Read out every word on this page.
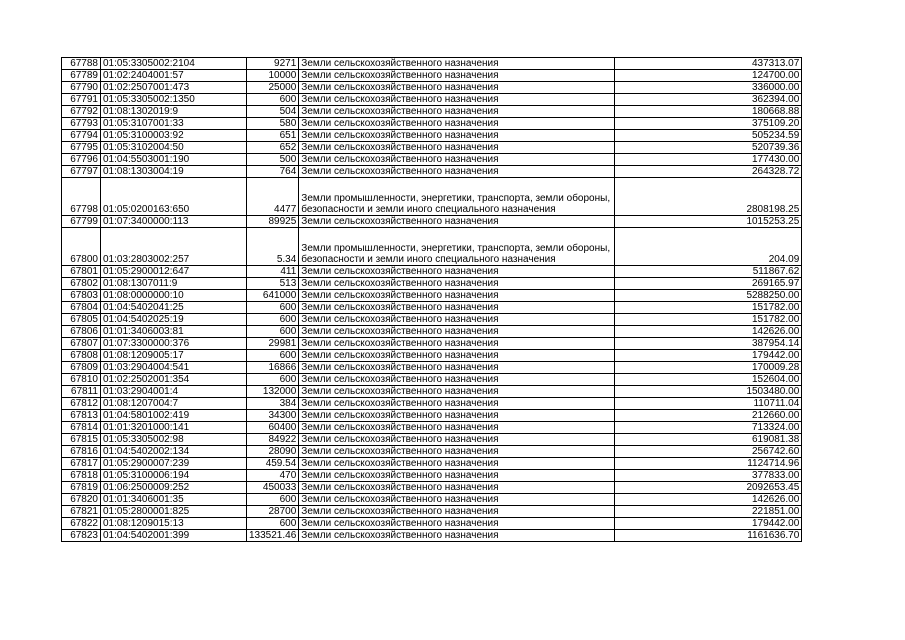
67788	01:05:3305002:2104	9271	Земли сельскохозяйственного назначения	437313.07
67789	01:02:2404001:57	10000	Земли сельскохозяйственного назначения	124700.00
67790	01:02:2507001:473	25000	Земли сельскохозяйственного назначения	336000.00
67791	01:05:3305002:1350	600	Земли сельскохозяйственного назначения	362394.00
67792	01:08:1302019:9	504	Земли сельскохозяйственного назначения	180668.88
67793	01:05:3107001:33	580	Земли сельскохозяйственного назначения	375109.20
67794	01:05:3100003:92	651	Земли сельскохозяйственного назначения	505234.59
67795	01:05:3102004:50	652	Земли сельскохозяйственного назначения	520739.36
67796	01:04:5503001:190	500	Земли сельскохозяйственного назначения	177430.00
67797	01:08:1303004:19	764	Земли сельскохозяйственного назначения	264328.72
67798	01:05:0200163:650	4477	Земли промышленности, энергетики, транспорта, земли обороны, безопасности и земли иного специального назначения	2808198.25
67799	01:07:3400000:113	89925	Земли сельскохозяйственного назначения	1015253.25
67800	01:03:2803002:257	5.34	Земли промышленности, энергетики, транспорта, земли обороны, безопасности и земли иного специального назначения	204.09
67801	01:05:2900012:647	411	Земли сельскохозяйственного назначения	511867.62
67802	01:08:1307011:9	513	Земли сельскохозяйственного назначения	269165.97
67803	01:08:0000000:10	641000	Земли сельскохозяйственного назначения	5288250.00
67804	01:04:5402041:25	600	Земли сельскохозяйственного назначения	151782.00
67805	01:04:5402025:19	600	Земли сельскохозяйственного назначения	151782.00
67806	01:01:3406003:81	600	Земли сельскохозяйственного назначения	142626.00
67807	01:07:3300000:376	29981	Земли сельскохозяйственного назначения	387954.14
67808	01:08:1209005:17	600	Земли сельскохозяйственного назначения	179442.00
67809	01:03:2904004:541	16866	Земли сельскохозяйственного назначения	170009.28
67810	01:02:2502001:354	600	Земли сельскохозяйственного назначения	152604.00
67811	01:03:2904001:4	132000	Земли сельскохозяйственного назначения	1503480.00
67812	01:08:1207004:7	384	Земли сельскохозяйственного назначения	110711.04
67813	01:04:5801002:419	34300	Земли сельскохозяйственного назначения	212660.00
67814	01:01:3201000:141	60400	Земли сельскохозяйственного назначения	713324.00
67815	01:05:3305002:98	84922	Земли сельскохозяйственного назначения	619081.38
67816	01:04:5402002:134	28090	Земли сельскохозяйственного назначения	256742.60
67817	01:05:2900007:239	459.54	Земли сельскохозяйственного назначения	1124714.96
67818	01:05:3100006:194	470	Земли сельскохозяйственного назначения	377833.00
67819	01:06:2500009:252	450033	Земли сельскохозяйственного назначения	2092653.45
67820	01:01:3406001:35	600	Земли сельскохозяйственного назначения	142626.00
67821	01:05:2800001:825	28700	Земли сельскохозяйственного назначения	221851.00
67822	01:08:1209015:13	600	Земли сельскохозяйственного назначения	179442.00
67823	01:04:5402001:399	133521.46	Земли сельскохозяйственного назначения	1161636.70
